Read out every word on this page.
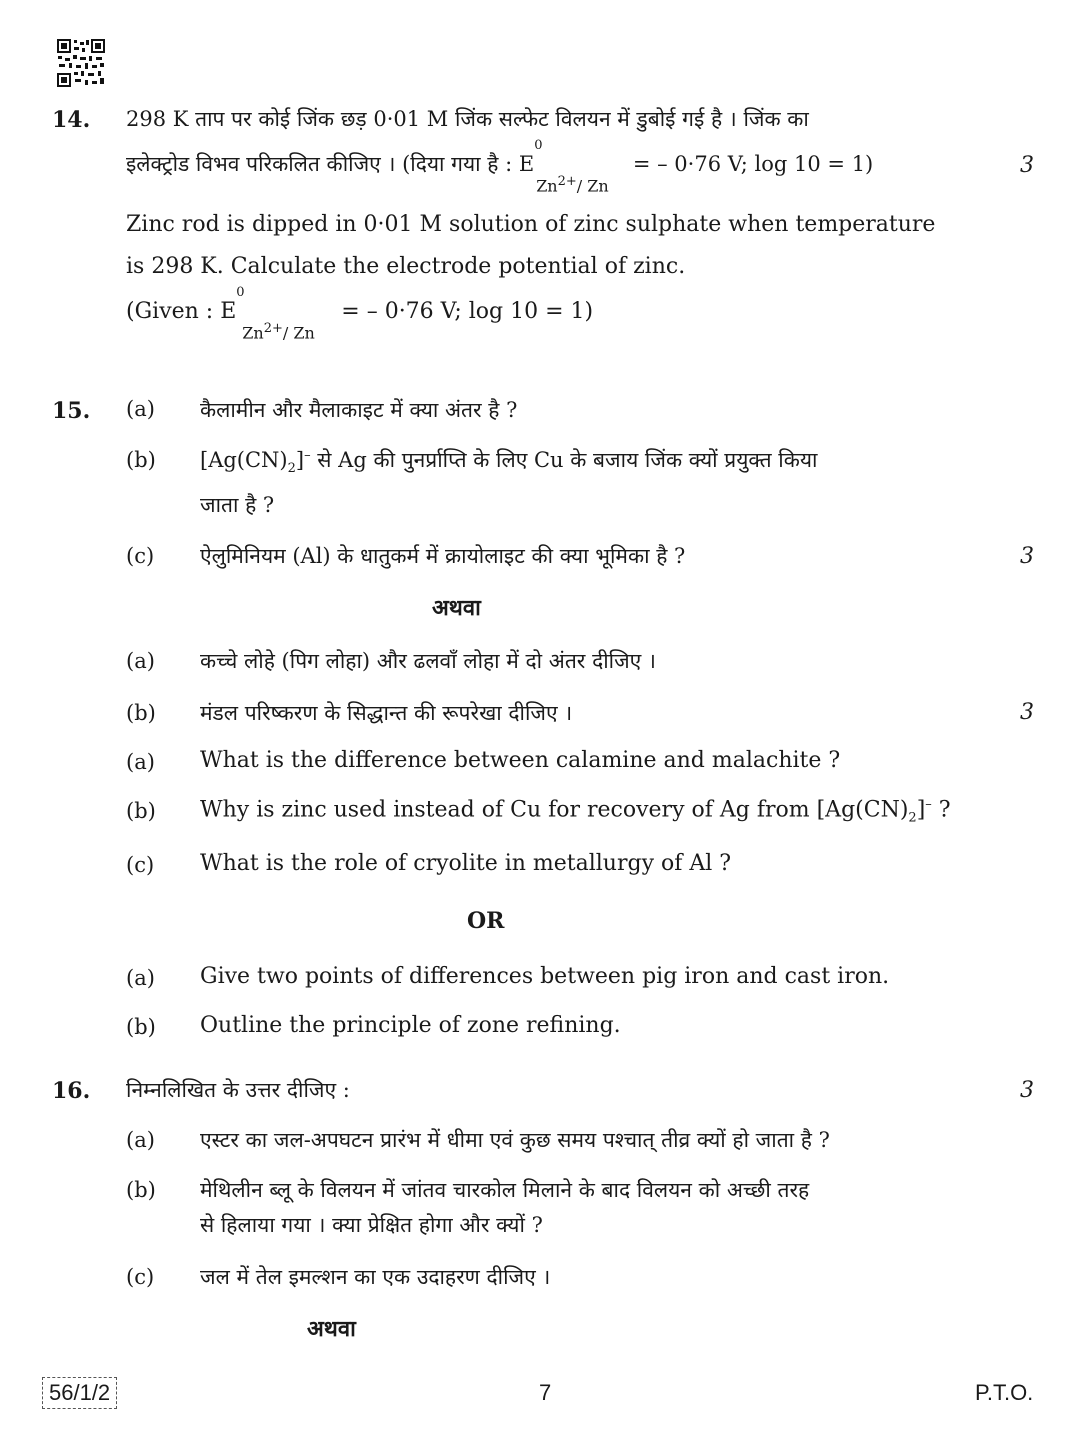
14. 298 K ताप पर कोई जिंक छड़ 0·01 M जिंक सल्फेट विलयन में डुबोई गई है । जिंक का
इलेक्ट्रोड विभव परिकलित कीजिए । (दिया गया है : E
0
$Zn^{2+}/$ Zn
= – 0·76 V; log 10 = 1)	3
Zinc rod is dipped in 0·01 M solution of zinc sulphate when temperature
is 298 K. Calculate the electrode potential of zinc.
(Given : E
0
$Zn^{2+}/$ Zn
= – 0·76 V; log 10 = 1)
15. (a) कैलामीन और मैलाकाइट में क्या अंतर है ?
(b) $[Ag(CN)_2]^-$ से Ag की पुनर्प्राप्ति के लिए Cu के बजाय जिंक क्यों प्रयुक्त किया
जाता है ?
(c) ऐलुमिनियम (Al) के धातुकर्म में क्रायोलाइट की क्या भूमिका है ?	3
अथवा
(a) कच्चे लोहे (पिग लोहा) और ढलवाँ लोहा में दो अंतर दीजिए ।
(b) मंडल परिष्करण के सिद्धान्त की रूपरेखा दीजिए ।	3
(a) What is the difference between calamine and malachite ?
(b) Why is zinc used instead of Cu for recovery of Ag from $[Ag(CN)_2]^-$ ?
(c) What is the role of cryolite in metallurgy of Al ?
OR
(a) Give two points of differences between pig iron and cast iron.
(b) Outline the principle of zone refining.
16. निम्नलिखित के उत्तर दीजिए :	3
(a) एस्टर का जल-अपघटन प्रारंभ में धीमा एवं कुछ समय पश्चात् तीव्र क्यों हो जाता है ?
(b) मेथिलीन ब्लू के विलयन में जांतव चारकोल मिलाने के बाद विलयन को अच्छी तरह
से हिलाया गया । क्या प्रेक्षित होगा और क्यों ?
(c) जल में तेल इमल्शन का एक उदाहरण दीजिए ।
अथवा
56/1/2	7	P.T.O.
